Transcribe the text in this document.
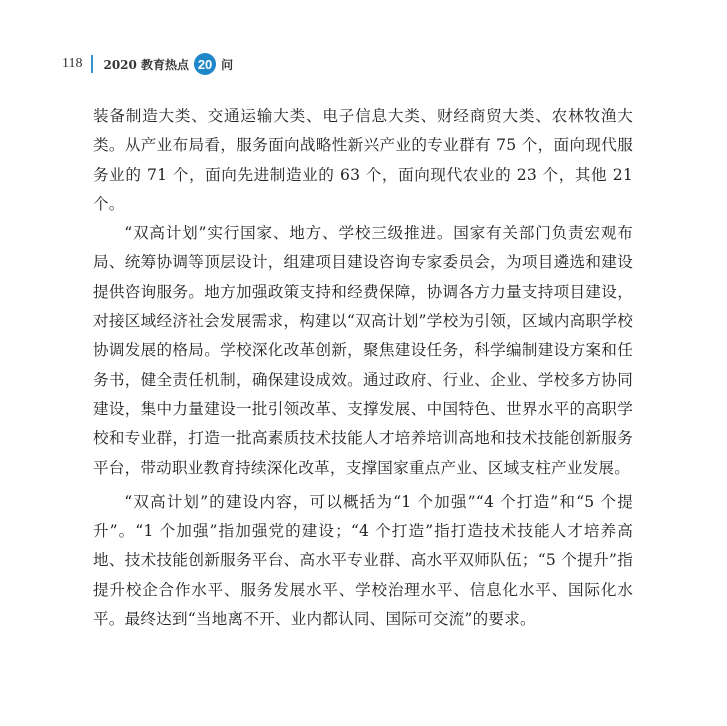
118 2020 教育热点 20 问

装备制造大类、交通运输大类、电子信息大类、财经商贸大类、农林牧渔大类。从产业布局看，服务面向战略性新兴产业的专业群有 75 个，面向现代服务业的 71 个，面向先进制造业的 63 个，面向现代农业的 23 个，其他 21 个。

“双高计划”实行国家、地方、学校三级推进。国家有关部门负责宏观布局、统筹协调等顶层设计，组建项目建设咨询专家委员会，为项目遴选和建设提供咨询服务。地方加强政策支持和经费保障，协调各方力量支持项目建设，对接区域经济社会发展需求，构建以“双高计划”学校为引领，区域内高职学校协调发展的格局。学校深化改革创新，聚焦建设任务，科学编制建设方案和任务书，健全责任机制，确保建设成效。通过政府、行业、企业、学校多方协同建设，集中力量建设一批引领改革、支撑发展、中国特色、世界水平的高职学校和专业群，打造一批高素质技术技能人才培养培训高地和技术技能创新服务平台，带动职业教育持续深化改革，支撑国家重点产业、区域支柱产业发展。

“双高计划”的建设内容，可以概括为“1 个加强”“4 个打造”和“5 个提升”。“1 个加强”指加强党的建设；“4 个打造”指打造技术技能人才培养高地、技术技能创新服务平台、高水平专业群、高水平双师队伍；“5 个提升”指提升校企合作水平、服务发展水平、学校治理水平、信息化水平、国际化水平。最终达到“当地离不开、业内都认同、国际可交流”的要求。
